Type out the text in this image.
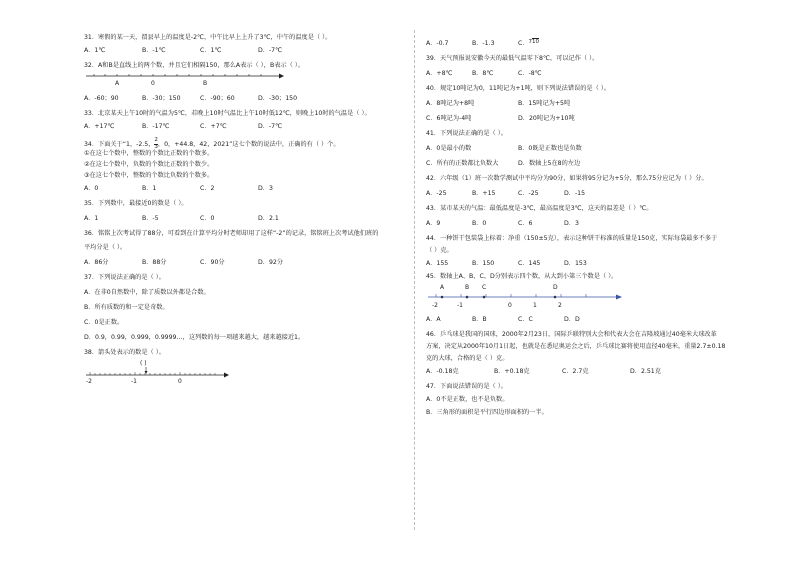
31．寒假的某一天，渭县早上的温度是-2℃，中午比早上上升了3℃，中午的温度是（ ）。

A．1℃	B．-1℃	C．1℃	D．-7℃

32．A和B是直线上的两个数，并且它们相隔150，那么A表示（ ），B表示（ ）。

A	0	B
A．-60；90	B．-30；150	C．-90；60	D．-30；150

33．北京某天上午10时的气温为5℃，若晚上10时气温比上午10时低12℃，则晚上10时的气温是（ ）。

A．+17℃	B．-17℃	C．+7℃	D．-7℃

34．下面关于“1，-2.5， $\frac{2}{3}$ ，0，+44.8，42，2021”这七个数的说法中，正确的有（ ）个。

①在这七个数中，整数的个数比正数的个数多。

②在这七个数中，负数的个数比正数的个数少。

③在这七个数中，整数的个数比负数的个数多。

A．0	B．1	C．2	D．3

35．下列数中，最接近0的数是（ ）。

A．1	B．-5	C．0	D．2.1

36．铭铭上次考试得了88分，可看到在计算平均分时老师却用了这样“-2”的记录，铭铭班上次考试他们班的

平均分是（ ）。

A．86分	B．88分	C．90分	D．92分

37．下列说法正确的是（ ）。

A．在非0自然数中，除了质数以外都是合数。

B．所有质数的和一定是奇数。

C．0是正数。

D．0.9，0.99，0.999，0.9999…，这列数的每一项越来越大，越来越接近1。

38．箭头处表示的数是（ ）。

( )
-2	-1	0
A．-0.7	B．-1.3	C．710

39．天气预报说安徽今天的最低气温零下8℃，可以记作（ ）。

A．+8℃	B．8℃	C．-8℃

40．规定10吨记为0，11吨记为+1吨，则下列说法错误的是（ ）。

A．8吨记为+8吨	B．15吨记为+5吨
C．6吨记为-4吨	D．20吨记为+10吨

41．下列说法正确的是（ ）。

A．0是最小的数	B．0既是正数也是负数
C．所有的正数都比负数大	D．数轴上5在8的左边

42．六年级（1）班一次数学测试中平均分为90分，如果将95分记为+5分，那么75分应记为（ ）分。

A．-25	B．+15	C．-25	D．-15

43．某市某天的气温：最低温度是-3℃，最高温度是3℃，这天的温差是（ ）℃。

A．9	B．0	C．6	D．3

44．一种饼干包装袋上标着：净重（150±5克），表示这种饼干标准的质量是150克，实际每袋最多不多于

（ ）克。

A．155	B．150	C．145	D．153

45．数轴上A、B、C、D分别表示四个数，从大到小第三个数是（ ）。

A	B C	D
-2	-1	0	1	2
A．A	B．B	C．C	D．D

46．乒乓球是我国的国球，2000年2月23日，国际乒联特别大会和代表大会在吉隆坡通过40毫米大球改革

方案，决定从2000年10月1日起，也就是在悉尼奥运会之后，乒乓球比赛将使用直径40毫米，重量2.7±0.18

克的大球，合格的是（ ）克。

A．-0.18克	B．+0.18克	C．2.7克	D．2.51克

47．下面说法错误的是（ ）。

A．0不是正数，也不是负数。

B．三角形的面积是平行四边形面积的一半。
